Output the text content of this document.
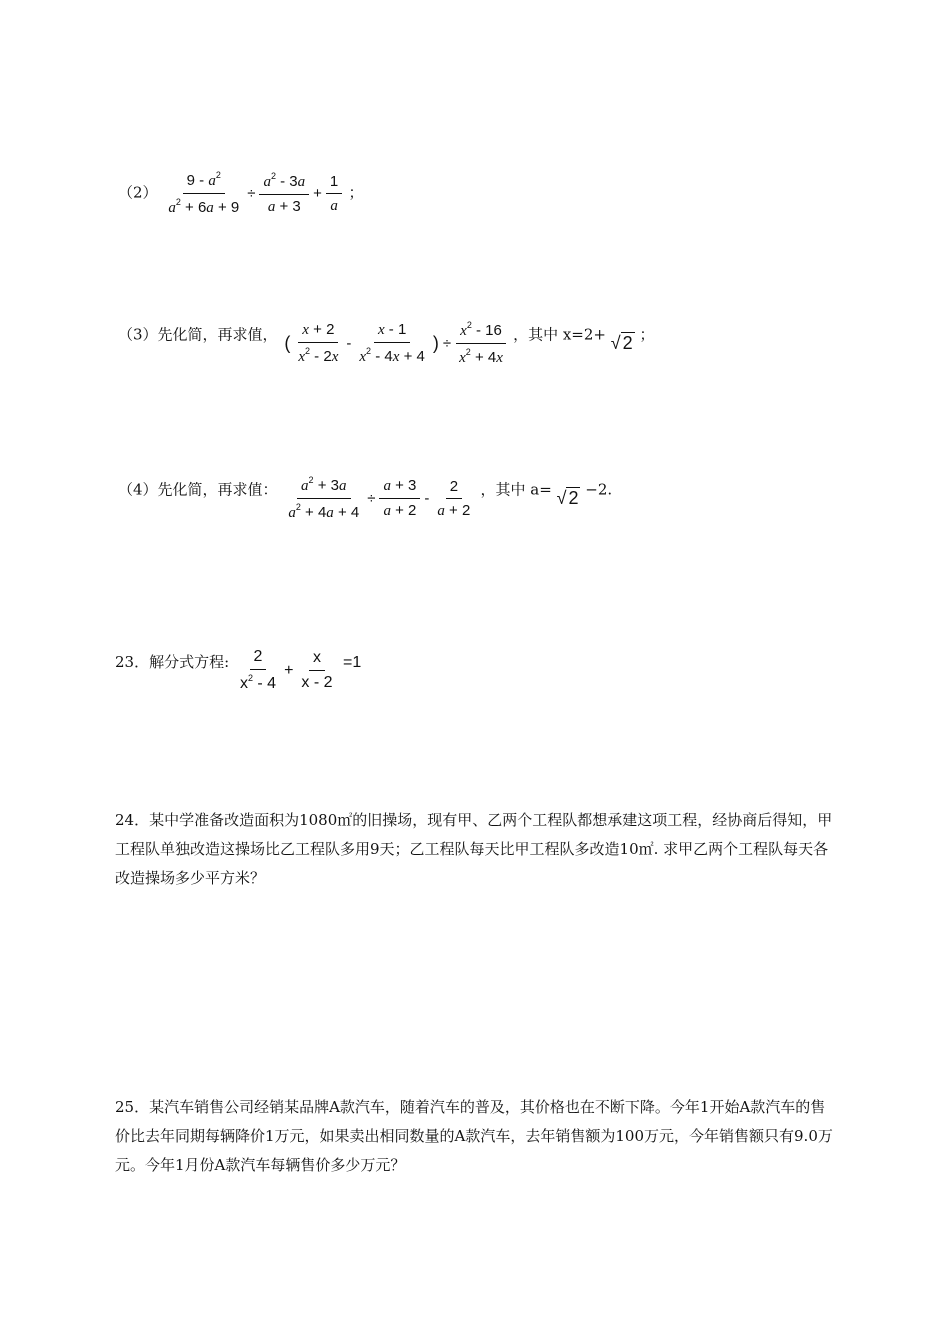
$(2) \frac{9 - a^2}{a^2 + 6a + 9} \div \frac{a^2 - 3a}{a + 3} + \frac{1}{a}$ ；
（3）先化简，再求值， ( $\frac{x + 2}{x^2 - 2x} - \frac{x - 1}{x^2 - 4x + 4}$ ) ÷ $\frac{x^2 - 16}{x^2 + 4x}$ ，其中 x=2+ √ 2 ；
（4）先化简，再求值： $\frac{a^2 + 3a}{a^2 + 4a + 4} \div \frac{a + 3}{a + 2} - \frac{2}{a + 2}$ ，其中 a= √ 2 −2.
23．解分式方程: $\frac{2}{x^2 - 4} + \frac{x}{x - 2} =1$
24．某中学准备改造面积为1080㎡的旧操场，现有甲、乙两个工程队都想承建这项工程，经协商后得知，甲工程队单独改造这操场比乙工程队多用9天；乙工程队每天比甲工程队多改造10㎡. 求甲乙两个工程队每天各改造操场多少平方米？
25．某汽车销售公司经销某品牌A款汽车，随着汽车的普及，其价格也在不断下降。今年1开始A款汽车的售价比去年同期每辆降价1万元，如果卖出相同数量的A款汽车，去年销售额为100万元，今年销售额只有9.0万元。今年1月份A款汽车每辆售价多少万元？
